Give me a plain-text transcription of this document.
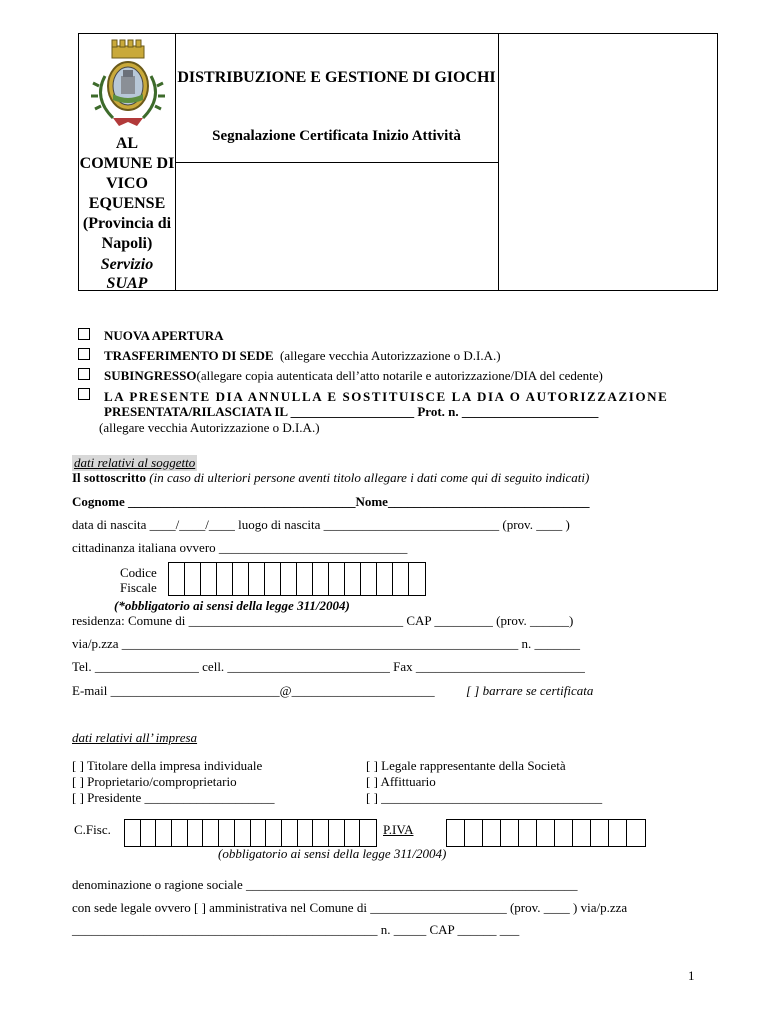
AL COMUNE DI VICO EQUENSE (Provincia di Napoli)
Servizio SUAP
DISTRIBUZIONE E GESTIONE DI GIOCHI
Segnalazione Certificata Inizio Attività
NUOVA APERTURA
TRASFERIMENTO DI SEDE (allegare vecchia Autorizzazione o D.I.A.)
SUBINGRESSO(allegare copia autenticata dell’atto notarile e autorizzazione/DIA del cedente)
LA PRESENTE DIA ANNULLA E SOSTITUISCE LA DIA O AUTORIZZAZIONE
PRESENTATA/RILASCIATA IL ___________________ Prot. n. _____________________
(allegare vecchia Autorizzazione o D.I.A.)
dati relativi al soggetto
Il sottoscritto (in caso di ulteriori persone aventi titolo allegare i dati come qui di seguito indicati)
Cognome ___________________________________Nome_______________________________
data di nascita ____/____/____ luogo di nascita ___________________________ (prov. ____ )
cittadinanza italiana ovvero _____________________________
Codice
Fiscale
(*obbligatorio ai sensi della legge 311/2004)
residenza: Comune di _________________________________ CAP _________ (prov. ______)
via/p.zza _____________________________________________________________ n. _______
Tel. ________________ cell. _________________________ Fax __________________________
E-mail __________________________@______________________ [ ] barrare se certificata
dati relativi all’ impresa
[ ] Titolare della impresa individuale
[ ] Proprietario/comproprietario
[ ] Presidente ____________________
[ ] Legale rappresentante della Società
[ ] Affittuario
[ ] __________________________________
C.Fisc.	P.IVA
(obbligatorio ai sensi della legge 311/2004)
denominazione o ragione sociale ___________________________________________________
con sede legale ovvero [ ] amministrativa nel Comune di _____________________ (prov. ____ ) via/p.zza
_______________________________________________ n. _____ CAP ______ ___
1
